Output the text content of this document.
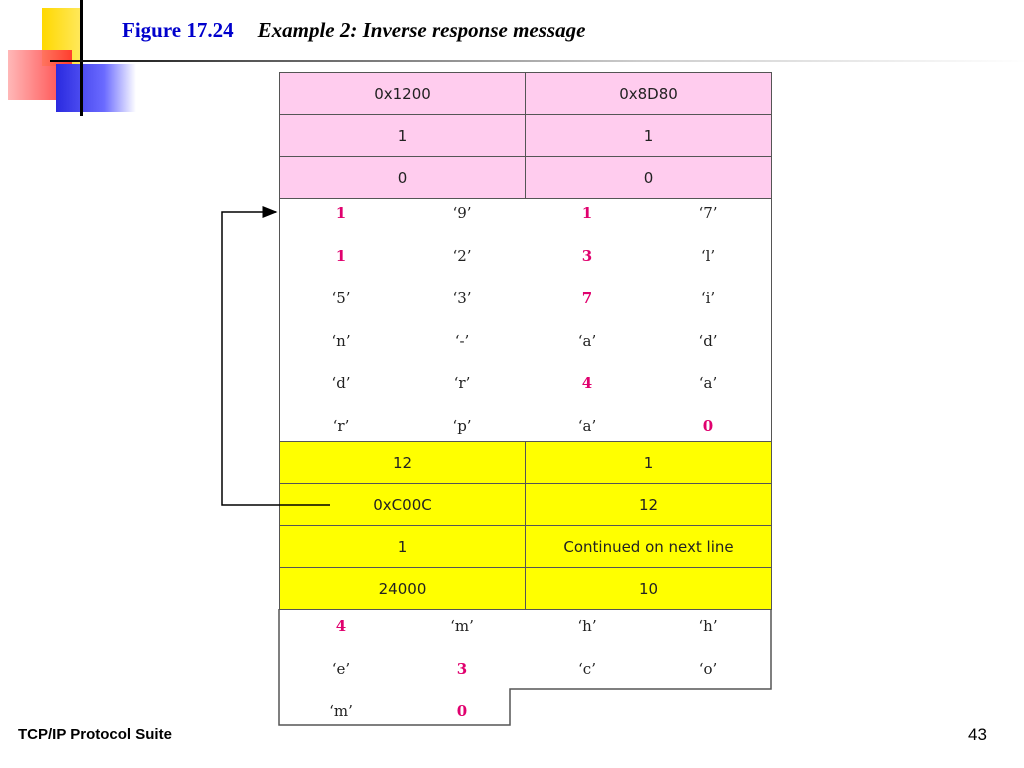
Figure 17.24 Example 2: Inverse response message
0x1200	0x8D80
1	1
0	0
1	‘9’	1	‘7’
1	‘2’	3	‘l’
‘5’	‘3’	7	‘i’
‘n’	‘-’	‘a’	‘d’
‘d’	‘r’	4	‘a’
‘r’	‘p’	‘a’	0
12	1
0xC00C	12
1	Continued on next line
24000	10
4	‘m’	‘h’	‘h’
‘e’	3	‘c’	‘o’
‘m’	0
TCP/IP Protocol Suite	43
